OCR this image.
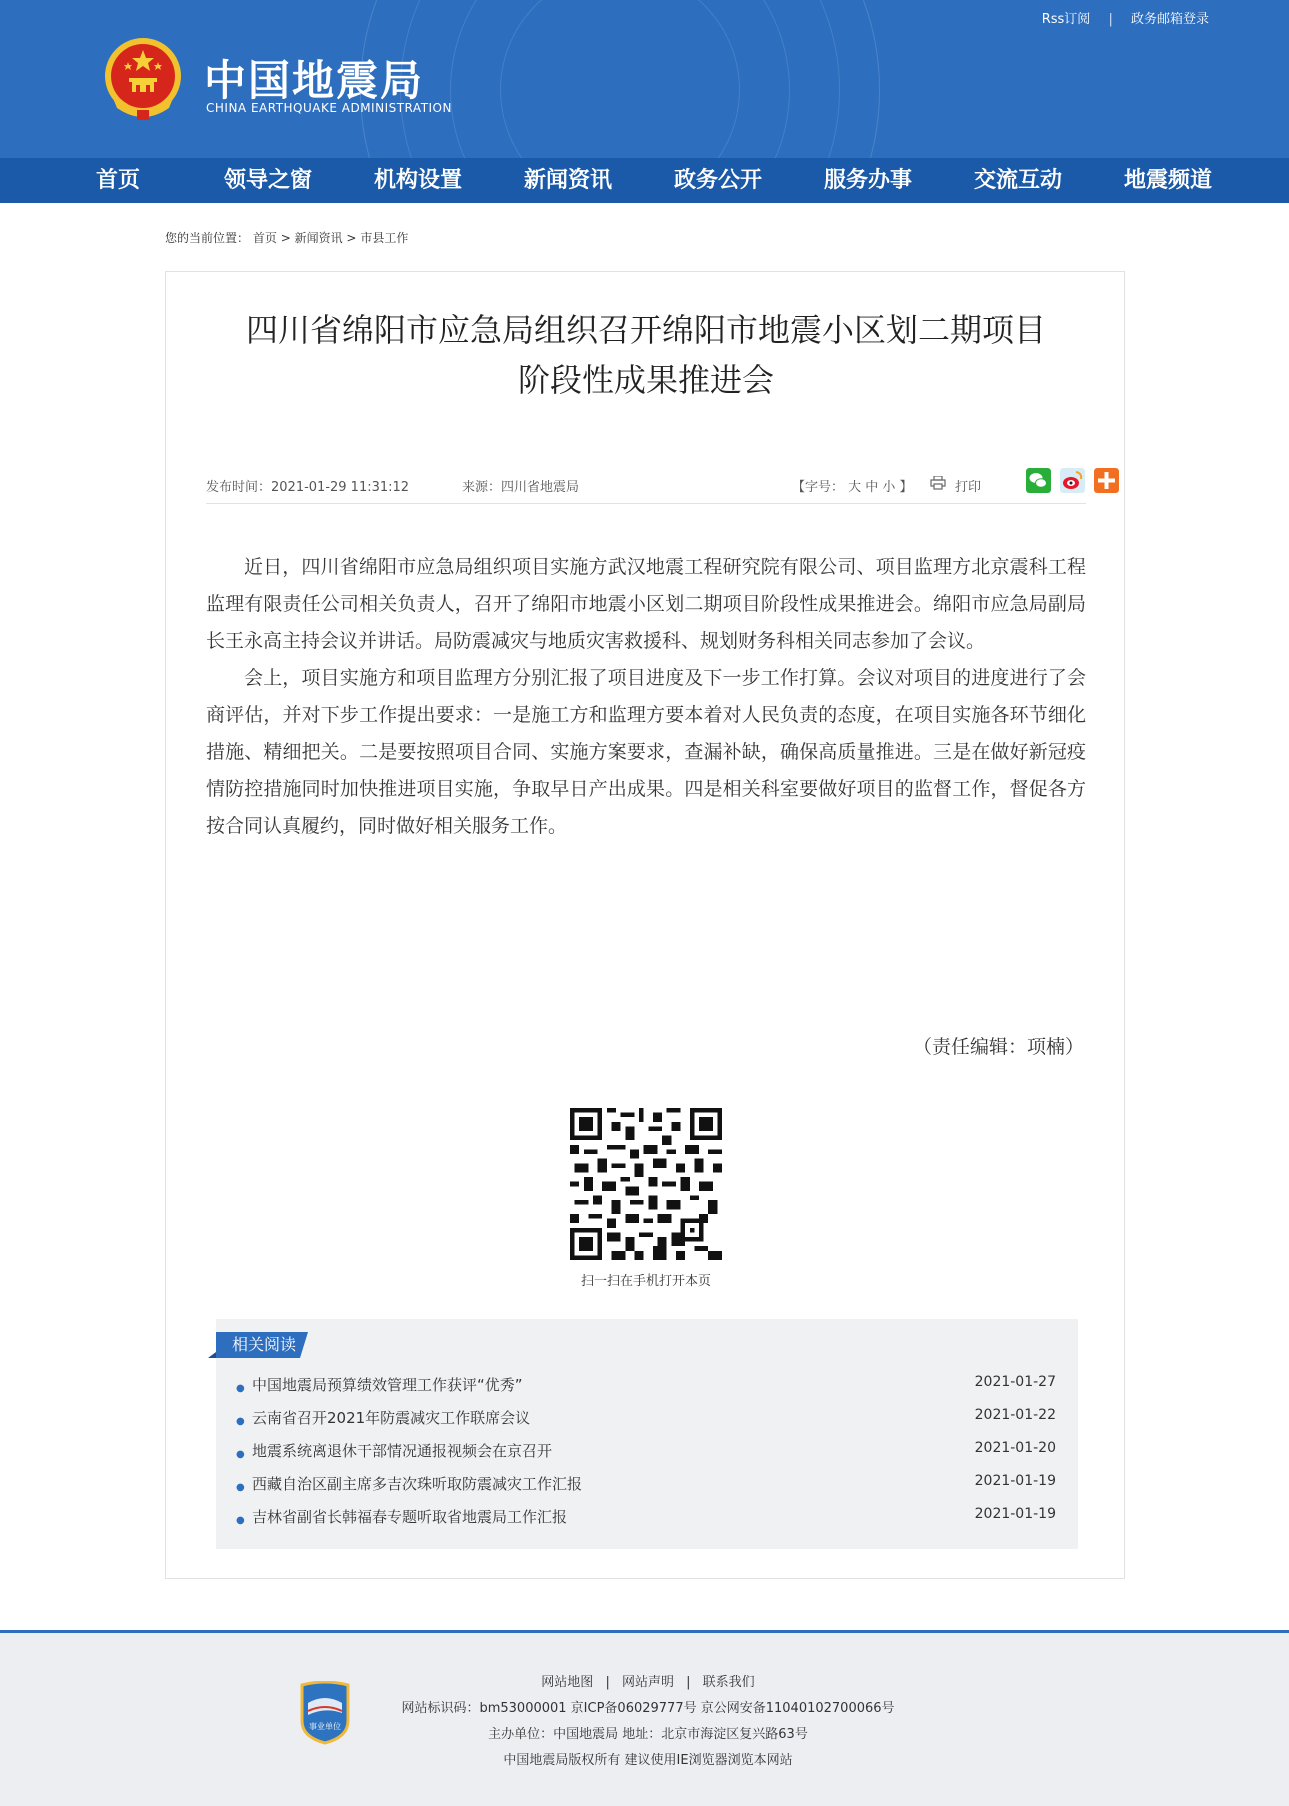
中国地震局
CHINA EARTHQUAKE ADMINISTRATION
Rss订阅 | 政务邮箱登录
首页	领导之窗	机构设置	新闻资讯	政务公开	服务办事	交流互动	地震频道
您的当前位置： 首页 > 新闻资讯 > 市县工作
四川省绵阳市应急局组织召开绵阳市地震小区划二期项目
阶段性成果推进会
发布时间：2021-01-29 11:31:12	来源：四川省地震局	【字号： 大 中 小 】	打印

近日，四川省绵阳市应急局组织项目实施方武汉地震工程研究院有限公司、项目监理方北京震科工程监理有限责任公司相关负责人，召开了绵阳市地震小区划二期项目阶段性成果推进会。绵阳市应急局副局长王永高主持会议并讲话。局防震减灾与地质灾害救援科、规划财务科相关同志参加了会议。

会上，项目实施方和项目监理方分别汇报了项目进度及下一步工作打算。会议对项目的进度进行了会商评估，并对下步工作提出要求：一是施工方和监理方要本着对人民负责的态度，在项目实施各环节细化措施、精细把关。二是要按照项目合同、实施方案要求，查漏补缺，确保高质量推进。三是在做好新冠疫情防控措施同时加快推进项目实施，争取早日产出成果。四是相关科室要做好项目的监督工作，督促各方按合同认真履约，同时做好相关服务工作。

（责任编辑：项楠）
扫一扫在手机打开本页
相关阅读
● 中国地震局预算绩效管理工作获评“优秀”	2021-01-27
● 云南省召开2021年防震减灾工作联席会议	2021-01-22
● 地震系统离退休干部情况通报视频会在京召开	2021-01-20
● 西藏自治区副主席多吉次珠听取防震减灾工作汇报	2021-01-19
● 吉林省副省长韩福春专题听取省地震局工作汇报	2021-01-19
事业单位
网站地图 | 网站声明 | 联系我们
网站标识码：bm53000001 京ICP备06029777号 京公网安备11040102700066号
主办单位：中国地震局 地址：北京市海淀区复兴路63号
中国地震局版权所有 建议使用IE浏览器浏览本网站
